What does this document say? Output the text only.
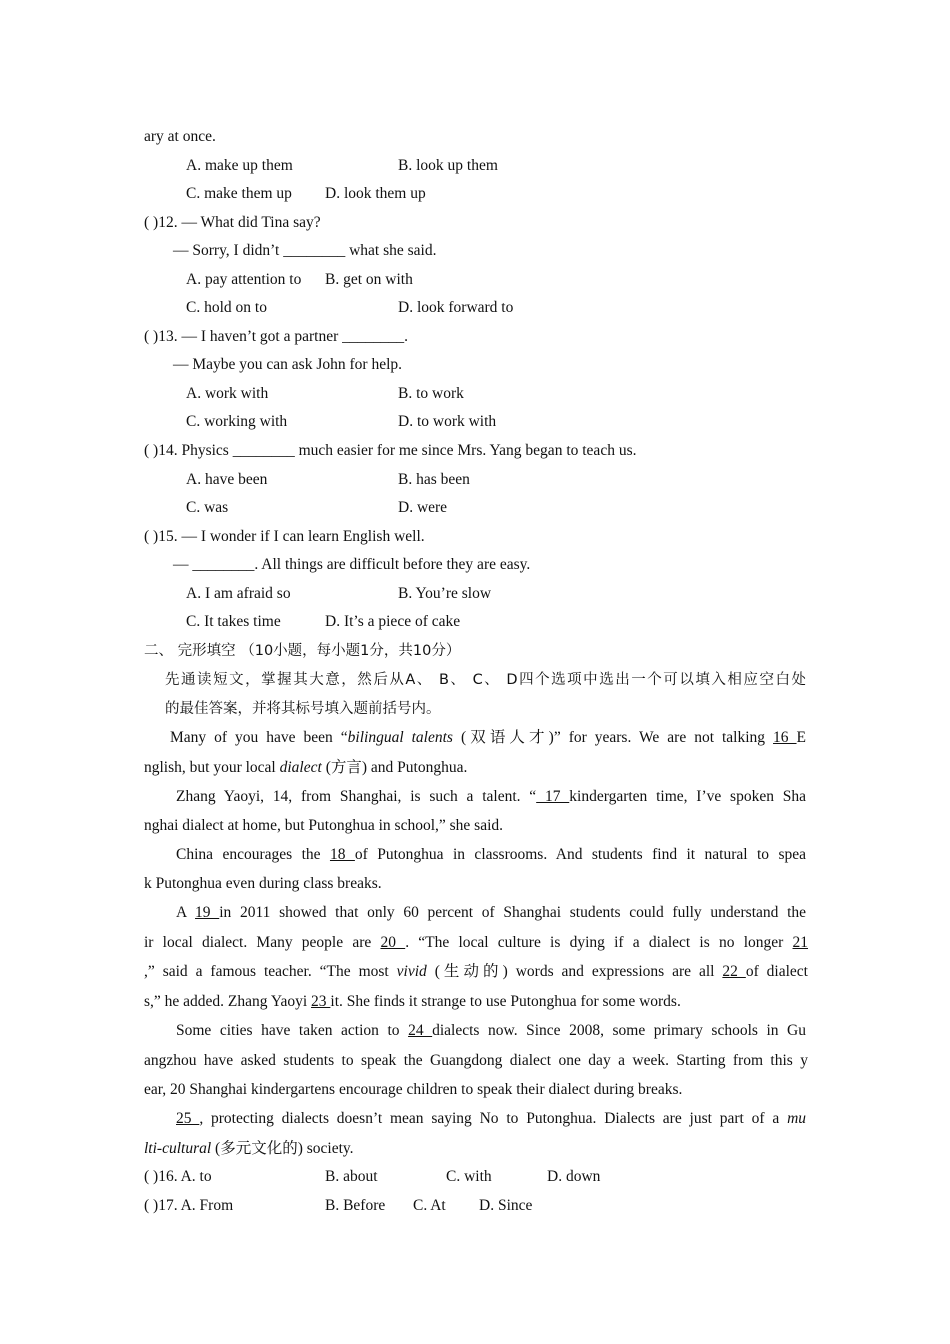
ary at once.
A. make up them	B. look up them
C. make them up D. look them up
( )12. — What did Tina say?
— Sorry, I didn’t ________ what she said.
A. pay attention to B. get on with
C. hold on to	D. look forward to
( )13. — I haven’t got a partner ________.
— Maybe you can ask John for help.
A. work with	B. to work
C. working with	D. to work with
( )14. Physics ________ much easier for me since Mrs. Yang began to teach us.
A. have been	B. has been
C. was	D. were
( )15. — I wonder if I can learn English well.
— ________. All things are difficult before they are easy.
A. I am afraid so	B. You’re slow
C. It takes time	D. It’s a piece of cake
二、 完形填空 （10小题，每小题1分，共10分）
先通读短文，掌握其大意，然后从A、 B、 C、 D四个选项中选出一个可以填入相应空白处
的最佳答案，并将其标号填入题前括号内。
Many of you have been “bilingual talents (双语人才)” for years. We are not talking 16 E
nglish, but your local dialect (方言) and Putonghua.
Zhang Yaoyi, 14, from Shanghai, is such a talent. “ 17 kindergarten time, I’ve spoken Sha
nghai dialect at home, but Putonghua in school,” she said.
China encourages the 18 of Putonghua in classrooms. And students find it natural to spea
k Putonghua even during class breaks.
A 19 in 2011 showed that only 60 percent of Shanghai students could fully understand the
ir local dialect. Many people are 20 . “The local culture is dying if a dialect is no longer 21
,” said a famous teacher. “The most vivid (生动的) words and expressions are all 22 of dialect
s,” he added. Zhang Yaoyi 23 it. She finds it strange to use Putonghua for some words.
Some cities have taken action to 24 dialects now. Since 2008, some primary schools in Gu
angzhou have asked students to speak the Guangdong dialect one day a week. Starting from this y
ear, 20 Shanghai kindergartens encourage children to speak their dialect during breaks.
25 , protecting dialects doesn’t mean saying No to Putonghua. Dialects are just part of a mu
lti-cultural (多元文化的) society.
( )16. A. to	B. about	C. with	D. down
( )17. A. From	B. Before C. At D. Since
